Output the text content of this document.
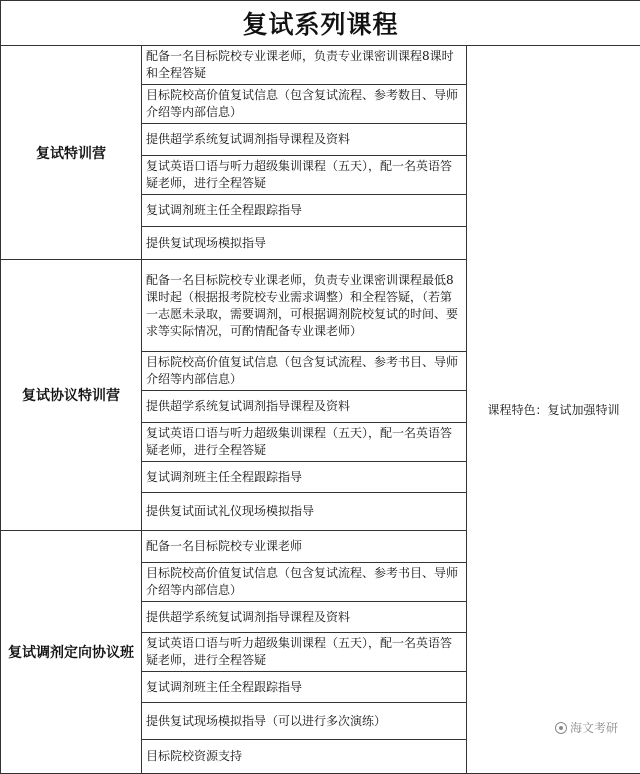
复试系列课程		
复试特训营	配备一名目标院校专业课老师，负责专业课密训课程8课时和全程答疑	课程特色：复试加强特训
	目标院校高价值复试信息（包含复试流程、参考数目、导师介绍等内部信息）	
	提供超学系统复试调剂指导课程及资料	
	复试英语口语与听力超级集训课程（五天），配一名英语答疑老师，进行全程答疑	
	复试调剂班主任全程跟踪指导	
	提供复试现场模拟指导	
复试协议特训营	配备一名目标院校专业课老师，负责专业课密训课程最低8课时起（根据报考院校专业需求调整）和全程答疑，（若第一志愿未录取，需要调剂，可根据调剂院校复试的时间、要求等实际情况，可酌情配备专业课老师）	
	目标院校高价值复试信息（包含复试流程、参考书目、导师介绍等内部信息）	
	提供超学系统复试调剂指导课程及资料	
	复试英语口语与听力超级集训课程（五天），配一名英语答疑老师，进行全程答疑	
	复试调剂班主任全程跟踪指导	
	提供复试面试礼仪现场模拟指导	
复试调剂定向协议班	配备一名目标院校专业课老师	
	目标院校高价值复试信息（包含复试流程、参考书目、导师介绍等内部信息）	
	提供超学系统复试调剂指导课程及资料	
	复试英语口语与听力超级集训课程（五天），配一名英语答疑老师，进行全程答疑	
	复试调剂班主任全程跟踪指导	
	提供复试现场模拟指导（可以进行多次演练）	
	目标院校资源支持	
海文考研
